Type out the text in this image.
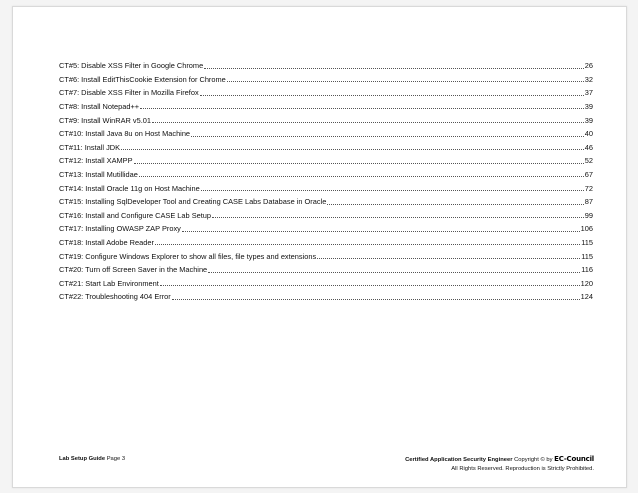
CT#5: Disable XSS Filter in Google Chrome	26
CT#6: Install EditThisCookie Extension for Chrome	32
CT#7: Disable XSS Filter in Mozilla Firefox	37
CT#8: Install Notepad++	39
CT#9: Install WinRAR v5.01	39
CT#10: Install Java 8u on Host Machine	40
CT#11: Install JDK	46
CT#12: Install XAMPP	52
CT#13: Install Mutillidae	67
CT#14: Install Oracle 11g on Host Machine	72
CT#15: Installing SqlDeveloper Tool and Creating CASE Labs Database in Oracle	87
CT#16: Install and Configure CASE Lab Setup	99
CT#17: Installing OWASP ZAP Proxy	106
CT#18: Install Adobe Reader	115
CT#19: Configure Windows Explorer to show all files, file types and extensions	115
CT#20: Turn off Screen Saver in the Machine	116
CT#21: Start Lab Environment	120
CT#22: Troubleshooting 404 Error	124
Lab Setup Guide Page 3	Certified Application Security Engineer Copyright © by EC-Council
All Rights Reserved. Reproduction is Strictly Prohibited.
